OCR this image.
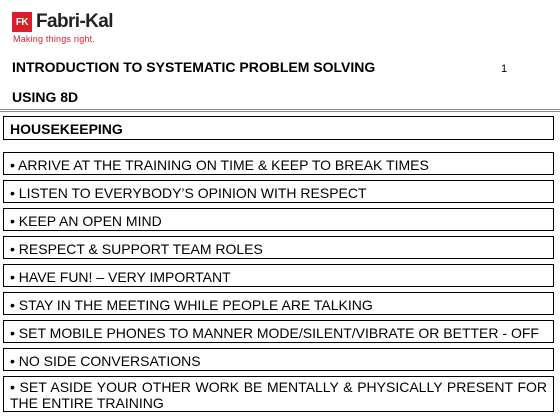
FK Fabri-Kal
Making things right.
INTRODUCTION TO SYSTEMATIC PROBLEM SOLVING
USING 8D
1
HOUSEKEEPING
• ARRIVE AT THE TRAINING ON TIME & KEEP TO BREAK TIMES
• LISTEN TO EVERYBODY’S OPINION WITH RESPECT
• KEEP AN OPEN MIND
• RESPECT & SUPPORT TEAM ROLES
• HAVE FUN! – VERY IMPORTANT
• STAY IN THE MEETING WHILE PEOPLE ARE TALKING
• SET MOBILE PHONES TO MANNER MODE/SILENT/VIBRATE OR BETTER - OFF
• NO SIDE CONVERSATIONS
• SET ASIDE YOUR OTHER WORK BE MENTALLY & PHYSICALLY PRESENT FOR THE ENTIRE TRAINING
